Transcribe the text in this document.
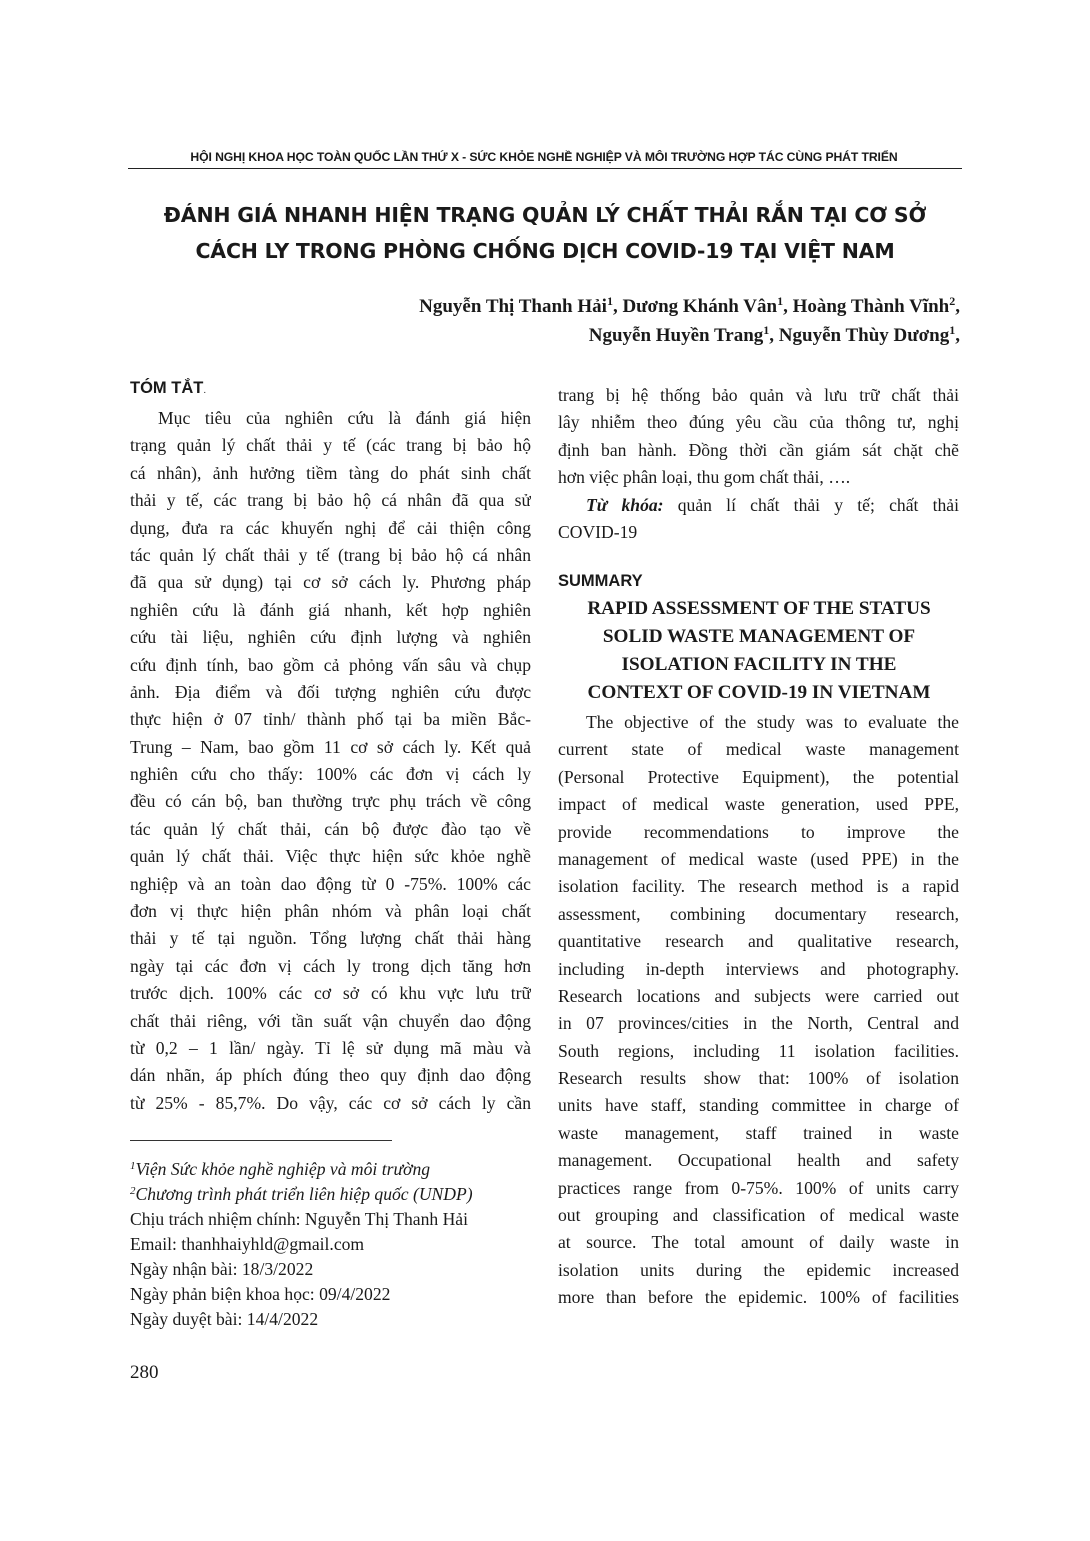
HỘI NGHỊ KHOA HỌC TOÀN QUỐC LẦN THỨ X - SỨC KHỎE NGHỀ NGHIỆP VÀ MÔI TRƯỜNG HỢP TÁC CÙNG PHÁT TRIỂN
ĐÁNH GIÁ NHANH HIỆN TRẠNG QUẢN LÝ CHẤT THẢI RẮN TẠI CƠ SỞ
CÁCH LY TRONG PHÒNG CHỐNG DỊCH COVID-19 TẠI VIỆT NAM
Nguyễn Thị Thanh Hải$^1$, Dương Khánh Vân$^1$, Hoàng Thành Vĩnh$^2$,
Nguyễn Huyền Trang$^1$, Nguyễn Thùy Dương$^1$,
TÓM TẮT.
Mục tiêu của nghiên cứu là đánh giá hiện
trạng quản lý chất thải y tế (các trang bị bảo hộ
cá nhân), ảnh hưởng tiềm tàng do phát sinh chất
thải y tế, các trang bị bảo hộ cá nhân đã qua sử
dụng, đưa ra các khuyến nghị để cải thiện công
tác quản lý chất thải y tế (trang bị bảo hộ cá nhân
đã qua sử dụng) tại cơ sở cách ly. Phương pháp
nghiên cứu là đánh giá nhanh, kết hợp nghiên
cứu tài liệu, nghiên cứu định lượng và nghiên
cứu định tính, bao gồm cả phỏng vấn sâu và chụp
ảnh. Địa điểm và đối tượng nghiên cứu được
thực hiện ở 07 tỉnh/ thành phố tại ba miền Bắc-
Trung – Nam, bao gồm 11 cơ sở cách ly. Kết quả
nghiên cứu cho thấy: 100% các đơn vị cách ly
đều có cán bộ, ban thường trực phụ trách về công
tác quản lý chất thải, cán bộ được đào tạo về
quản lý chất thải. Việc thực hiện sức khỏe nghề
nghiệp và an toàn dao động từ 0 -75%. 100% các
đơn vị thực hiện phân nhóm và phân loại chất
thải y tế tại nguồn. Tổng lượng chất thải hàng
ngày tại các đơn vị cách ly trong dịch tăng hơn
trước dịch. 100% các cơ sở có khu vực lưu trữ
chất thải riêng, với tần suất vận chuyển dao động
từ 0,2 – 1 lần/ ngày. Tỉ lệ sử dụng mã màu và
dán nhãn, áp phích đúng theo quy định dao động
từ 25% - 85,7%. Do vậy, các cơ sở cách ly cần
trang bị hệ thống bảo quản và lưu trữ chất thải
lây nhiễm theo đúng yêu cầu của thông tư, nghị
định ban hành. Đồng thời cần giám sát chặt chẽ
hơn việc phân loại, thu gom chất thải, ….
Từ khóa: quản lí chất thải y tế; chất thải
COVID-19
SUMMARY
RAPID ASSESSMENT OF THE STATUS
SOLID WASTE MANAGEMENT OF
ISOLATION FACILITY IN THE
CONTEXT OF COVID-19 IN VIETNAM
The objective of the study was to evaluate the
current state of medical waste management
(Personal Protective Equipment), the potential
impact of medical waste generation, used PPE,
provide recommendations to improve the
management of medical waste (used PPE) in the
isolation facility. The research method is a rapid
assessment, combining documentary research,
quantitative research and qualitative research,
including in-depth interviews and photography.
Research locations and subjects were carried out
in 07 provinces/cities in the North, Central and
South regions, including 11 isolation facilities.
Research results show that: 100% of isolation
units have staff, standing committee in charge of
waste management, staff trained in waste
management. Occupational health and safety
practices range from 0-75%. 100% of units carry
out grouping and classification of medical waste
at source. The total amount of daily waste in
isolation units during the epidemic increased
more than before the epidemic. 100% of facilities
$^1$Viện Sức khỏe nghề nghiệp và môi trường
$^2$Chương trình phát triển liên hiệp quốc (UNDP)
Chịu trách nhiệm chính: Nguyễn Thị Thanh Hải
Email: thanhhaiyhld@gmail.com
Ngày nhận bài: 18/3/2022
Ngày phản biện khoa học: 09/4/2022
Ngày duyệt bài: 14/4/2022
280
